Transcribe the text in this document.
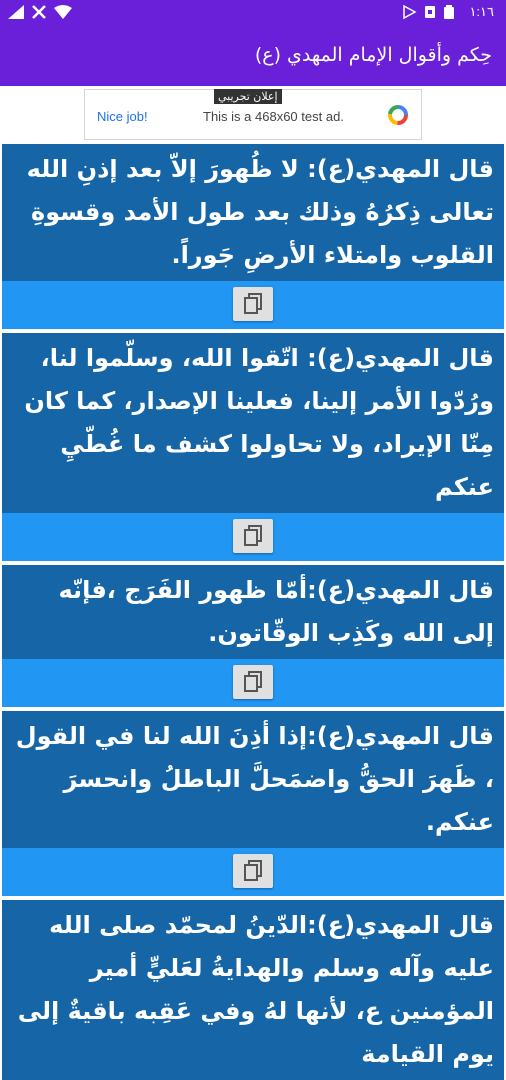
١:١٦
حِكم وأقوال الإمام المهدي (ع)
إعلان تجريبي
Nice job!	This is a 468x60 test ad.
قال المهدي(ع): لا ظُهورَ إلاّ بعد إذنِ الله تعالى ذِكرُهُ وذلك بعد طول الأمد وقسوةِ القلوب وامتلاء الأرضِ جَوراً.
قال المهدي(ع): اتّقوا الله، وسلّموا لنا، ورُدّوا الأمر إلينا، فعلينا الإصدار، كما كان مِنّا الإيراد، ولا تحاولوا كشف ما غُطّيِ عنكم
قال المهدي(ع):أمّا ظهور الفَرَج ،فإنّه إلى الله وكَذِب الوقّاتون.
قال المهدي(ع):إذا أذِنَ الله لنا في القول ، ظَهرَ الحقُّ واضمَحلَّ الباطلُ وانحسرَ عنكم.
قال المهدي(ع):الدّينُ لمحمّد صلى الله عليه وآله وسلم والهدايةُ لعَليٍّ أمير المؤمنين ع، لأنها لهُ وفي عَقِبه باقيةٌ إلى يوم القيامة
